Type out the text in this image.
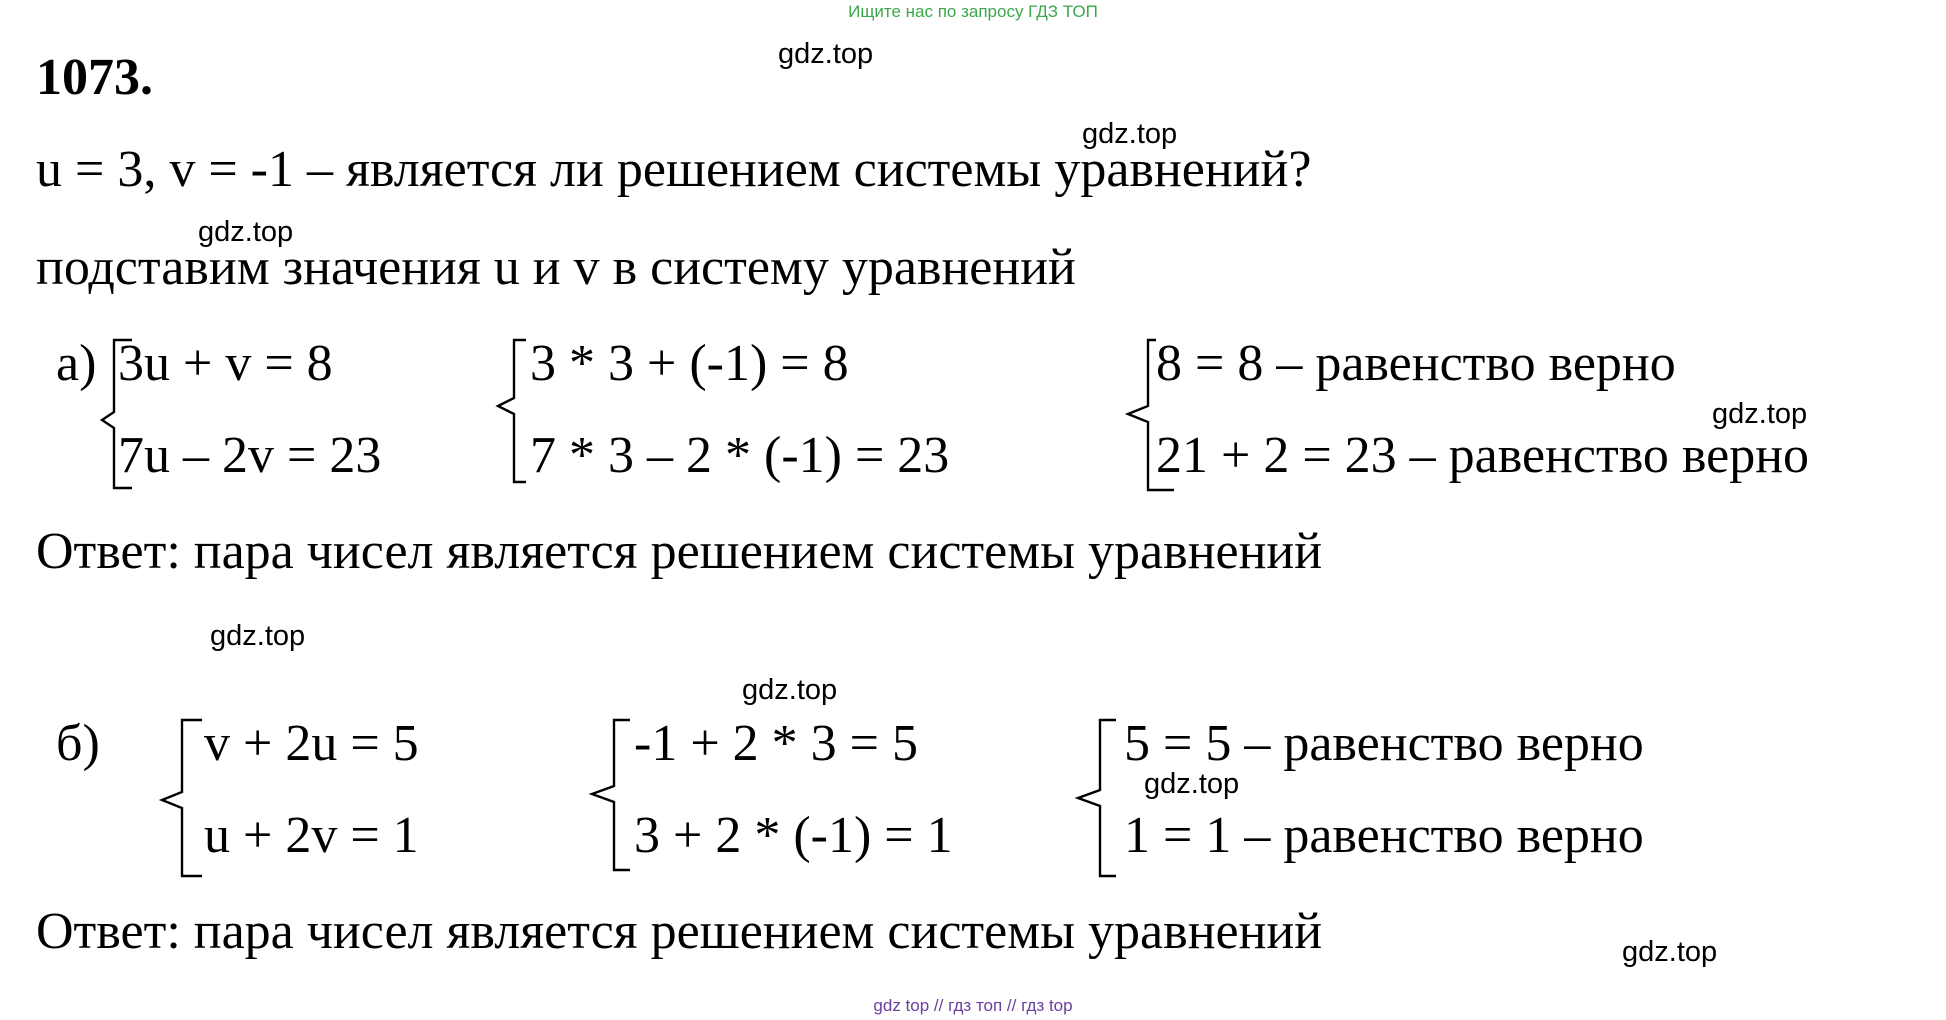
Ищите нас по запросу ГДЗ ТОП
1073.	gdz.top
gdz.top
gdz.top
gdz.top
gdz.top
gdz.top
gdz.top
gdz.top
u = 3, v = -1 – является ли решением системы уравнений?
подставим значения u и v в систему уравнений
а) 3u + v = 8
7u – 2v = 23
3 * 3 + (-1) = 8
7 * 3 – 2 * (-1) = 23
8 = 8 – равенство верно
21 + 2 = 23 – равенство верно
Ответ: пара чисел является решением системы уравнений
б) v + 2u = 5
u + 2v = 1
-1 + 2 * 3 = 5
3 + 2 * (-1) = 1
5 = 5 – равенство верно
1 = 1 – равенство верно
Ответ: пара чисел является решением системы уравнений
gdz top // гдз топ // гдз top
